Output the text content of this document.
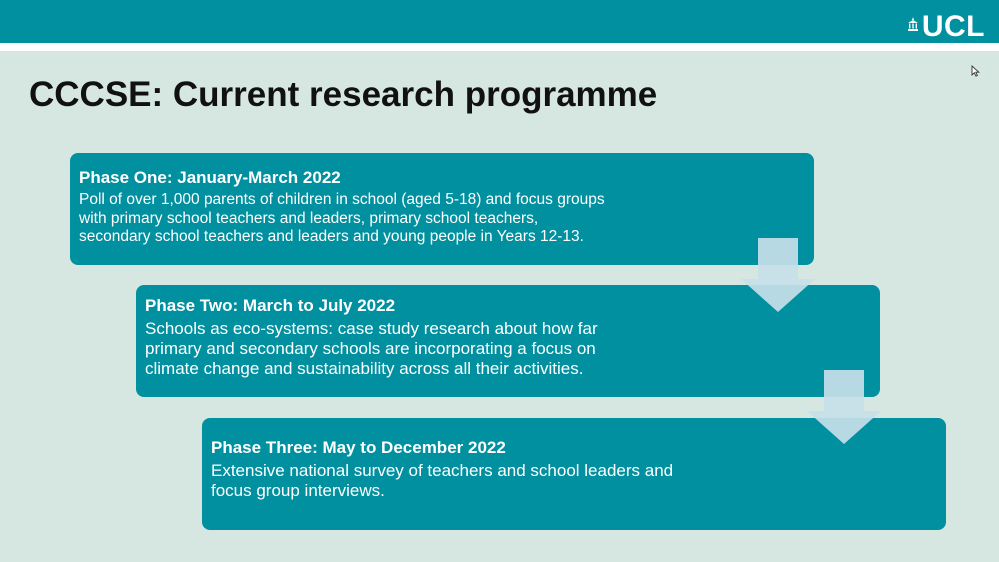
UCL
CCCSE: Current research programme
Phase One: January-March 2022
Poll of over 1,000 parents of children in school (aged 5-18) and focus groups
with primary school teachers and leaders, primary school teachers,
secondary school teachers and leaders and young people in Years 12-13.
Phase Two: March to July 2022
Schools as eco-systems: case study research about how far
primary and secondary schools are incorporating a focus on
climate change and sustainability across all their activities.
Phase Three: May to December 2022
Extensive national survey of teachers and school leaders and
focus group interviews.
